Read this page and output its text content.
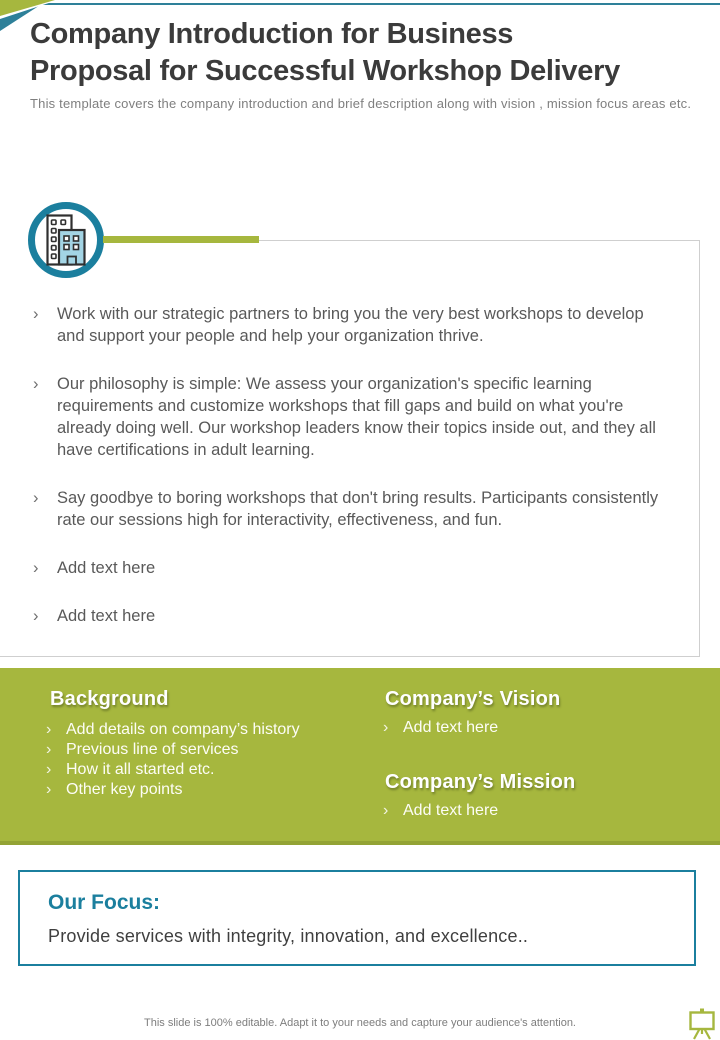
Company Introduction for Business
Proposal for Successful Workshop Delivery

This template covers the company introduction and brief description along with vision , mission focus areas etc.

›	Work with our strategic partners to bring you the very best workshops to develop and support your people and help your organization thrive.
›	Our philosophy is simple: We assess your organization's specific learning requirements and customize workshops that fill gaps and build on what you're already doing well. Our workshop leaders know their topics inside out, and they all have certifications in adult learning.
›	Say goodbye to boring workshops that don't bring results. Participants consistently rate our sessions high for interactivity, effectiveness, and fun.
›	Add text here
›	Add text here
Background
› Add details on company’s history
› Previous line of services
› How it all started etc.
› Other key points
Company’s Vision
› Add text here
Company’s Mission
› Add text here
Our Focus:

Provide services with integrity, innovation, and excellence..

This slide is 100% editable. Adapt it to your needs and capture your audience's attention.
